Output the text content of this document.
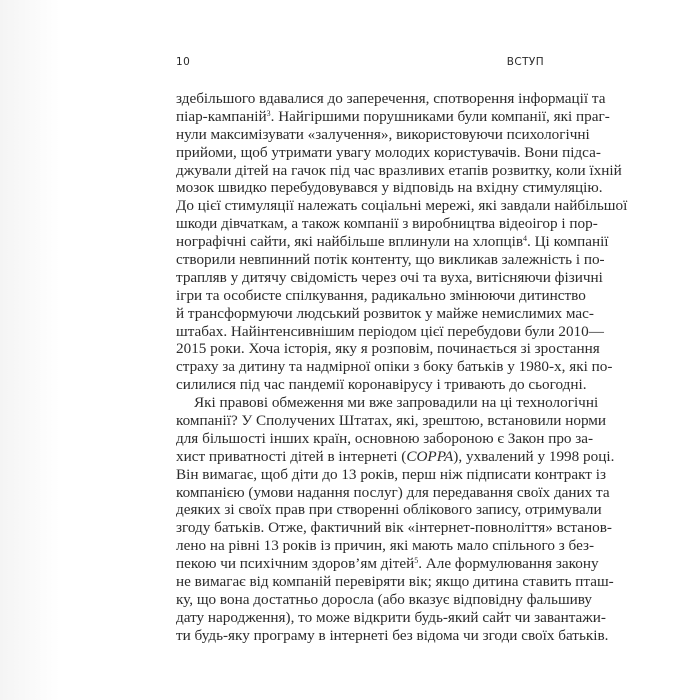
10	ВСТУП
здебільшого вдавалися до заперечення, спотворення інформації та
піар-кампаній$^3$. Найгіршими порушниками були компанії, які праг-
нули максимізувати «залучення», використовуючи психологічні
прийоми, щоб утримати увагу молодих користувачів. Вони підса-
джували дітей на гачок під час вразливих етапів розвитку, коли їхній
мозок швидко перебудовувався у відповідь на вхідну стимуляцію.
До цієї стимуляції належать соціальні мережі, які завдали найбільшої
шкоди дівчаткам, а також компанії з виробництва відеоігор і пор-
нографічні сайти, які найбільше вплинули на хлопців$^4$. Ці компанії
створили невпинний потік контенту, що викликав залежність і по-
трапляв у дитячу свідомість через очі та вуха, витісняючи фізичні
ігри та особисте спілкування, радикально змінюючи дитинство
й трансформуючи людський розвиток у майже немислимих мас-
штабах. Найінтенсивнішим періодом цієї перебудови були 2010—
2015 роки. Хоча історія, яку я розповім, починається зі зростання
страху за дитину та надмірної опіки з боку батьків у 1980-х, які по-
силилися під час пандемії коронавірусу і тривають до сьогодні.
Які правові обмеження ми вже запровадили на ці технологічні
компанії? У Сполучених Штатах, які, зрештою, встановили норми
для більшості інших країн, основною забороною є Закон про за-
хист приватності дітей в інтернеті (COPPA), ухвалений у 1998 році.
Він вимагає, щоб діти до 13 років, перш ніж підписати контракт із
компанією (умови надання послуг) для передавання своїх даних та
деяких зі своїх прав при створенні облікового запису, отримували
згоду батьків. Отже, фактичний вік «інтернет-повноліття» встанов-
лено на рівні 13 років із причин, які мають мало спільного з без-
пекою чи психічним здоров’ям дітей$^5$. Але формулювання закону
не вимагає від компаній перевіряти вік; якщо дитина ставить пташ-
ку, що вона достатньо доросла (або вказує відповідну фальшиву
дату народження), то може відкрити будь-який сайт чи завантажи-
ти будь-яку програму в інтернеті без відома чи згоди своїх батьків.
